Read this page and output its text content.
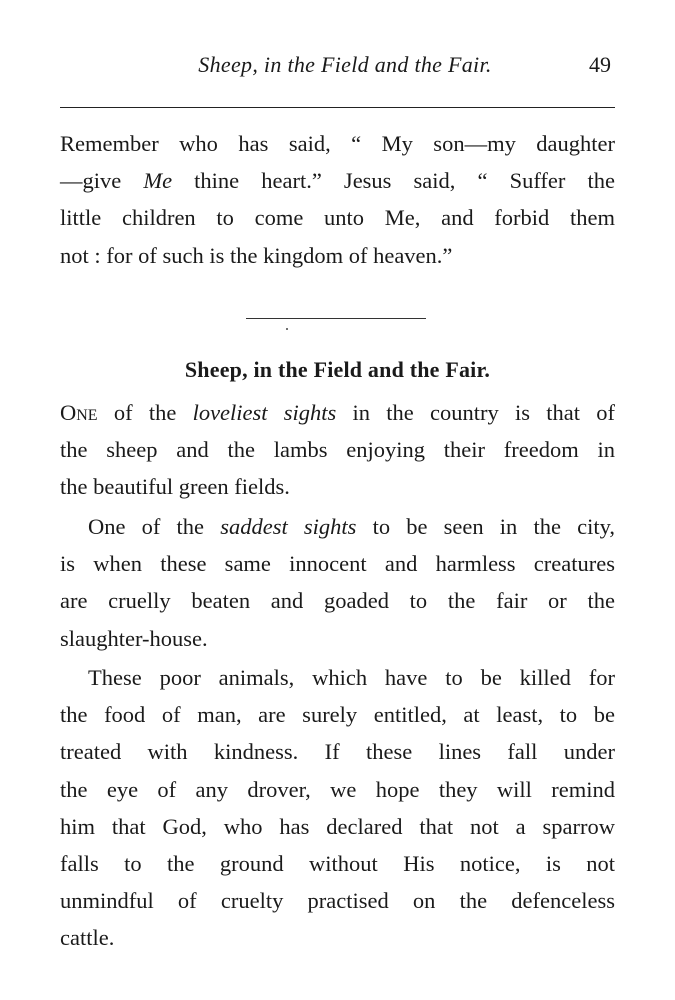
Sheep, in the Field and the Fair.	49
Remember who has said, “ My son—my daughter
—give Me thine heart.” Jesus said, “ Suffer the
little children to come unto Me, and forbid them
not : for of such is the kingdom of heaven.”
Sheep, in the Field and the Fair.
One of the loveliest sights in the country is that of
the sheep and the lambs enjoying their freedom in
the beautiful green fields.
One of the saddest sights to be seen in the city,
is when these same innocent and harmless creatures
are cruelly beaten and goaded to the fair or the
slaughter-house.
These poor animals, which have to be killed for
the food of man, are surely entitled, at least, to be
treated with kindness. If these lines fall under
the eye of any drover, we hope they will remind
him that God, who has declared that not a sparrow
falls to the ground without His notice, is not
unmindful of cruelty practised on the defenceless
cattle.
